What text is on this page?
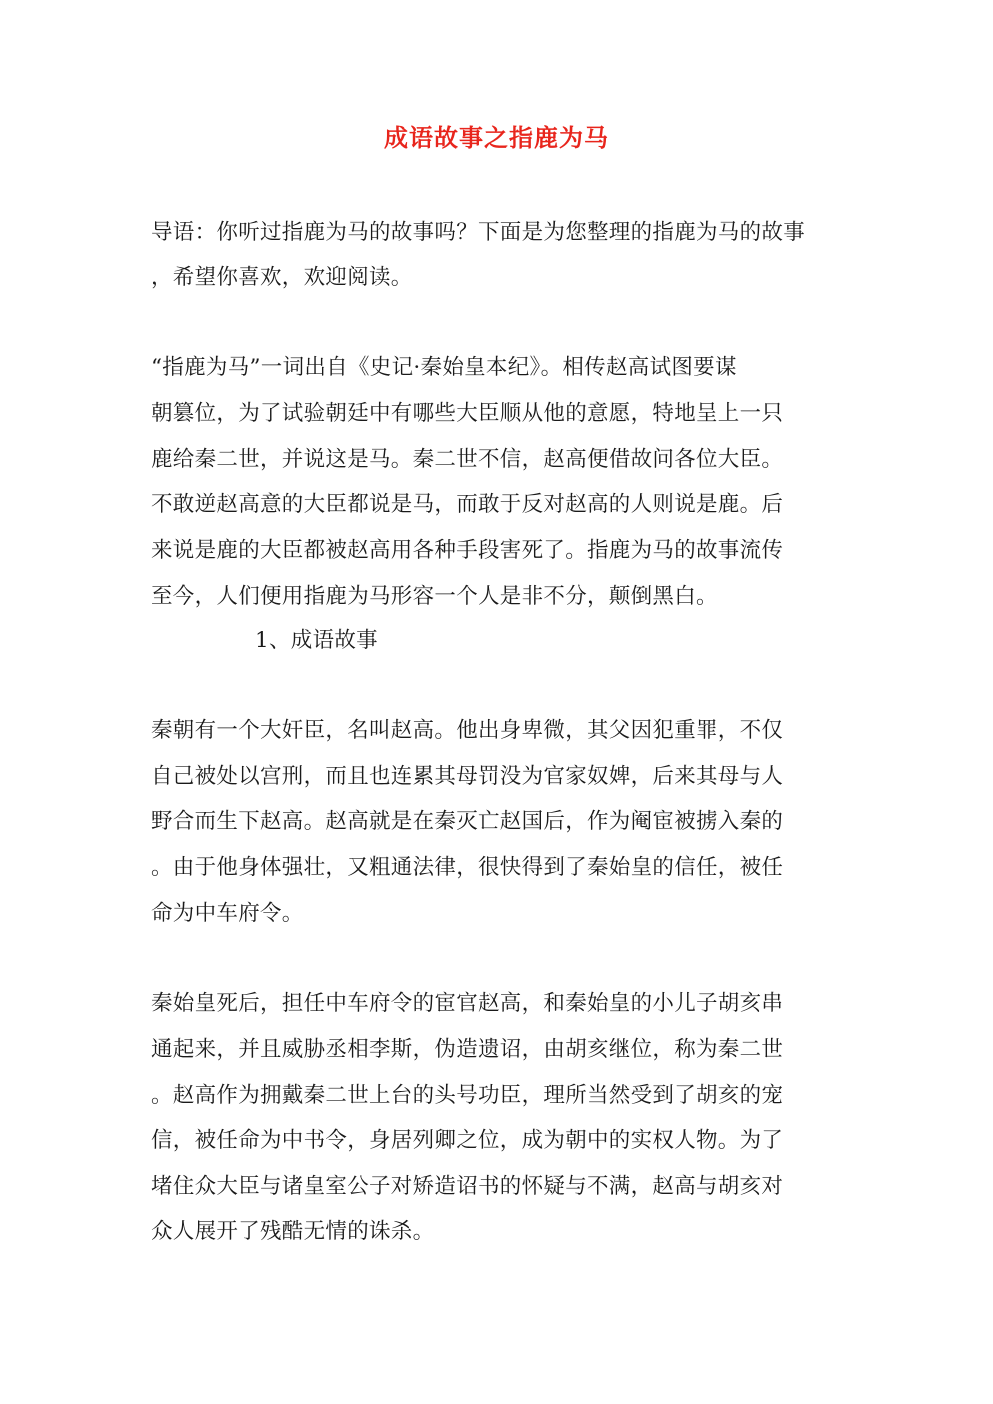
成语故事之指鹿为马
导语：你听过指鹿为马的故事吗？下面是为您整理的指鹿为马的故事
，希望你喜欢，欢迎阅读。
“指鹿为马”一词出自《史记·秦始皇本纪》。相传赵高试图要谋
朝篡位，为了试验朝廷中有哪些大臣顺从他的意愿，特地呈上一只
鹿给秦二世，并说这是马。秦二世不信，赵高便借故问各位大臣。
不敢逆赵高意的大臣都说是马，而敢于反对赵高的人则说是鹿。后
来说是鹿的大臣都被赵高用各种手段害死了。指鹿为马的故事流传
至今，人们便用指鹿为马形容一个人是非不分，颠倒黑白。
1、成语故事
秦朝有一个大奸臣，名叫赵高。他出身卑微，其父因犯重罪，不仅
自己被处以宫刑，而且也连累其母罚没为官家奴婢，后来其母与人
野合而生下赵高。赵高就是在秦灭亡赵国后，作为阉宦被掳入秦的
。由于他身体强壮，又粗通法律，很快得到了秦始皇的信任，被任
命为中车府令。
秦始皇死后，担任中车府令的宦官赵高，和秦始皇的小儿子胡亥串
通起来，并且威胁丞相李斯，伪造遗诏，由胡亥继位，称为秦二世
。赵高作为拥戴秦二世上台的头号功臣，理所当然受到了胡亥的宠
信，被任命为中书令，身居列卿之位，成为朝中的实权人物。为了
堵住众大臣与诸皇室公子对矫造诏书的怀疑与不满，赵高与胡亥对
众人展开了残酷无情的诛杀。
